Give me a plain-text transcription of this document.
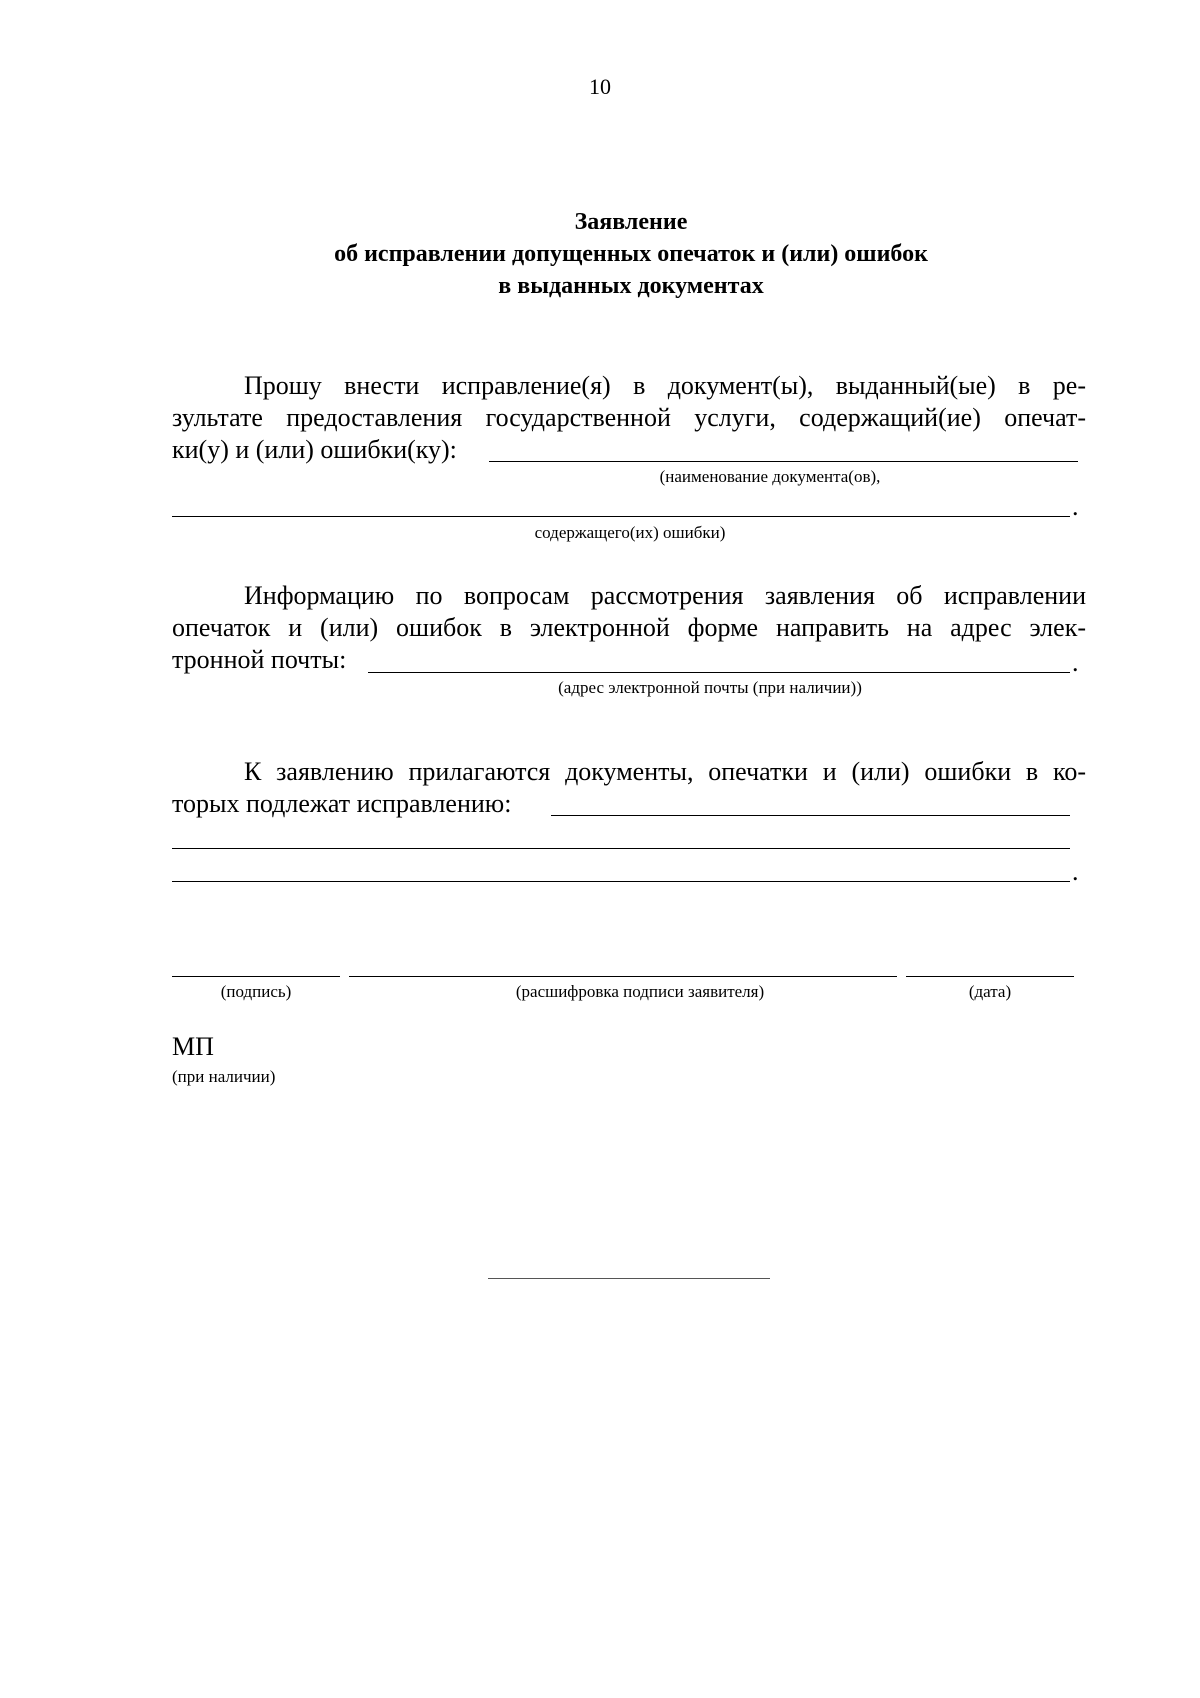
10
Заявление
об исправлении допущенных опечаток и (или) ошибок
в выданных документах
Прошу внести исправление(я) в документ(ы), выданный(ые) в ре-
зультате предоставления государственной услуги, содержащий(ие) опечат-
ки(у) и (или) ошибки(ку):
(наименование документа(ов),
.
содержащего(их) ошибки)
Информацию по вопросам рассмотрения заявления об исправлении
опечаток и (или) ошибок в электронной форме направить на адрес элек-
тронной почты:	.
(адрес электронной почты (при наличии))
К заявлению прилагаются документы, опечатки и (или) ошибки в ко-
торых подлежат исправлению:
.
(подпись)	(расшифровка подписи заявителя)	(дата)
МП
(при наличии)
